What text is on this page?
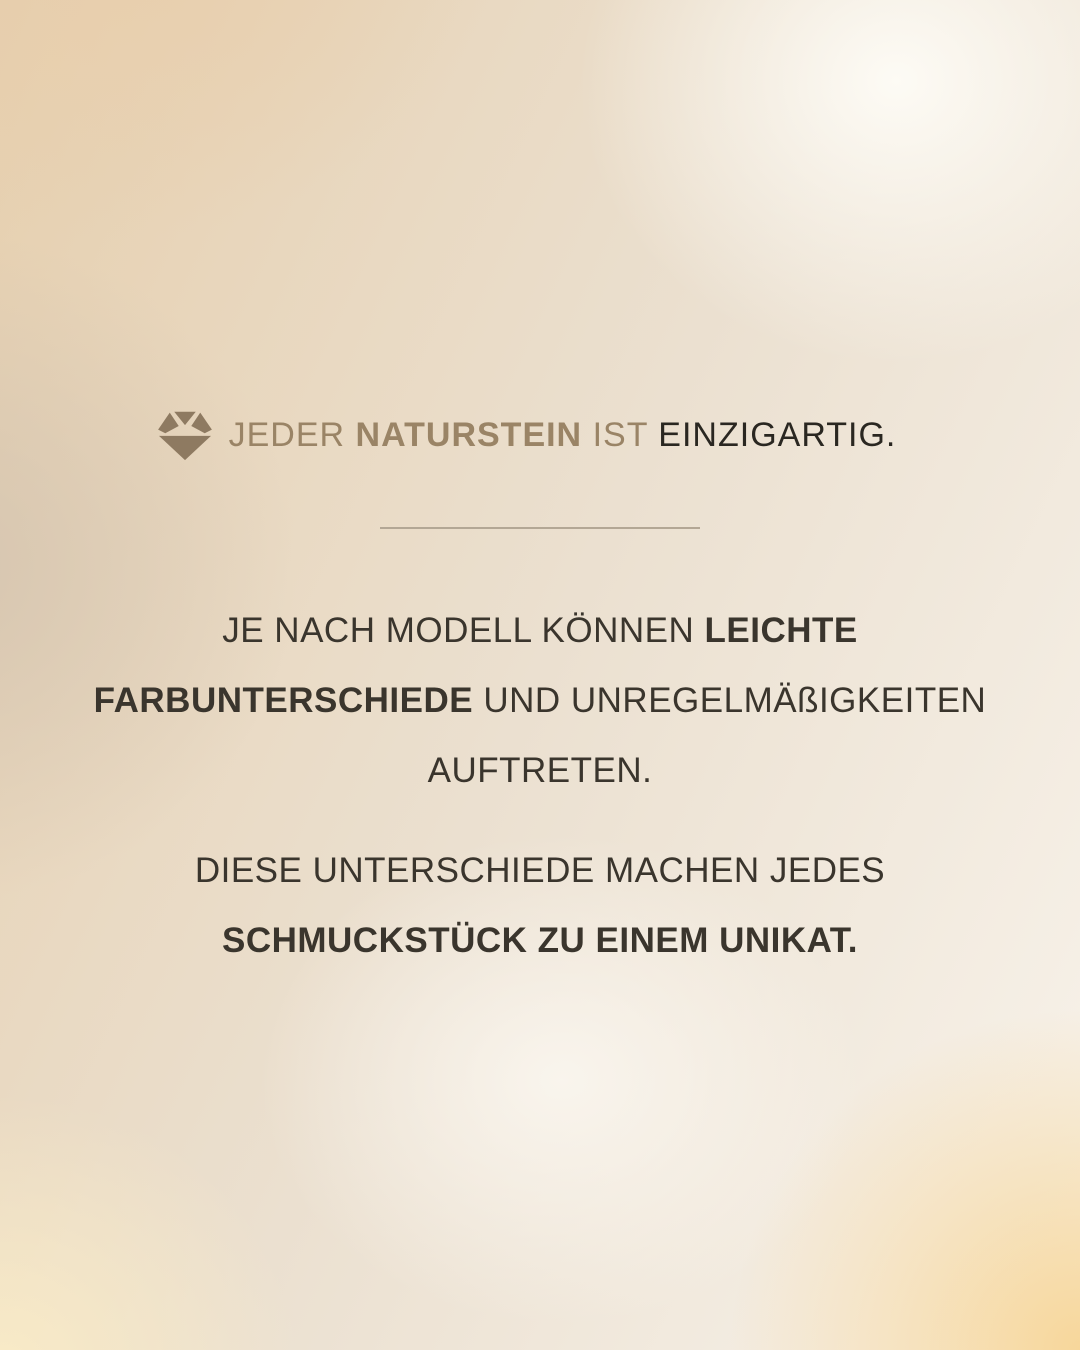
JEDER NATURSTEIN IST EINZIGARTIG.
JE NACH MODELL KÖNNEN LEICHTE
FARBUNTERSCHIEDE UND UNREGELMÄßIGKEITEN
AUFTRETEN.
DIESE UNTERSCHIEDE MACHEN JEDES
SCHMUCKSTÜCK ZU EINEM UNIKAT.
